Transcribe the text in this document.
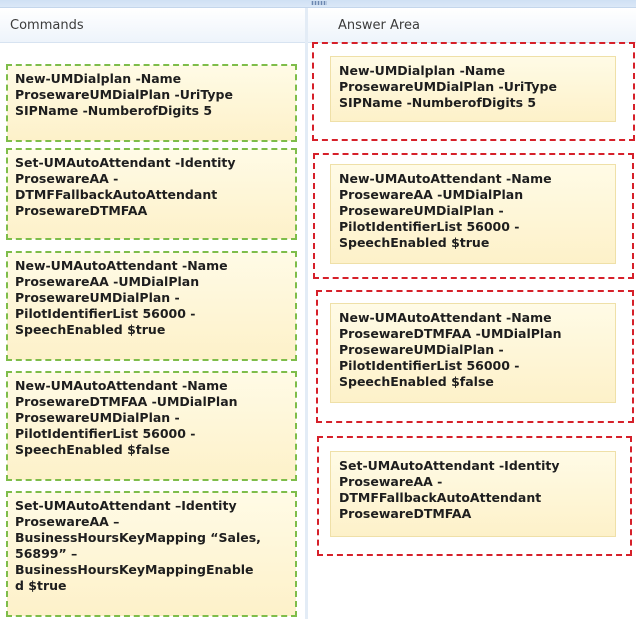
Commands
New-UMDialplan -Name
ProsewareUMDialPlan -UriType
SIPName -NumberofDigits 5
Set-UMAutoAttendant -Identity
ProsewareAA -
DTMFFallbackAutoAttendant
ProsewareDTMFAA
New-UMAutoAttendant -Name
ProsewareAA -UMDialPlan
ProsewareUMDialPlan -
PilotIdentifierList 56000 -
SpeechEnabled $true
New-UMAutoAttendant -Name
ProsewareDTMFAA -UMDialPlan
ProsewareUMDialPlan -
PilotIdentifierList 56000 -
SpeechEnabled $false
Set-UMAutoAttendant –Identity
ProsewareAA –
BusinessHoursKeyMapping “Sales,
56899” –
BusinessHoursKeyMappingEnable
d $true
Answer Area
New-UMDialplan -Name
ProsewareUMDialPlan -UriType
SIPName -NumberofDigits 5
New-UMAutoAttendant -Name
ProsewareAA -UMDialPlan
ProsewareUMDialPlan -
PilotIdentifierList 56000 -
SpeechEnabled $true
New-UMAutoAttendant -Name
ProsewareDTMFAA -UMDialPlan
ProsewareUMDialPlan -
PilotIdentifierList 56000 -
SpeechEnabled $false
Set-UMAutoAttendant -Identity
ProsewareAA -
DTMFFallbackAutoAttendant
ProsewareDTMFAA
